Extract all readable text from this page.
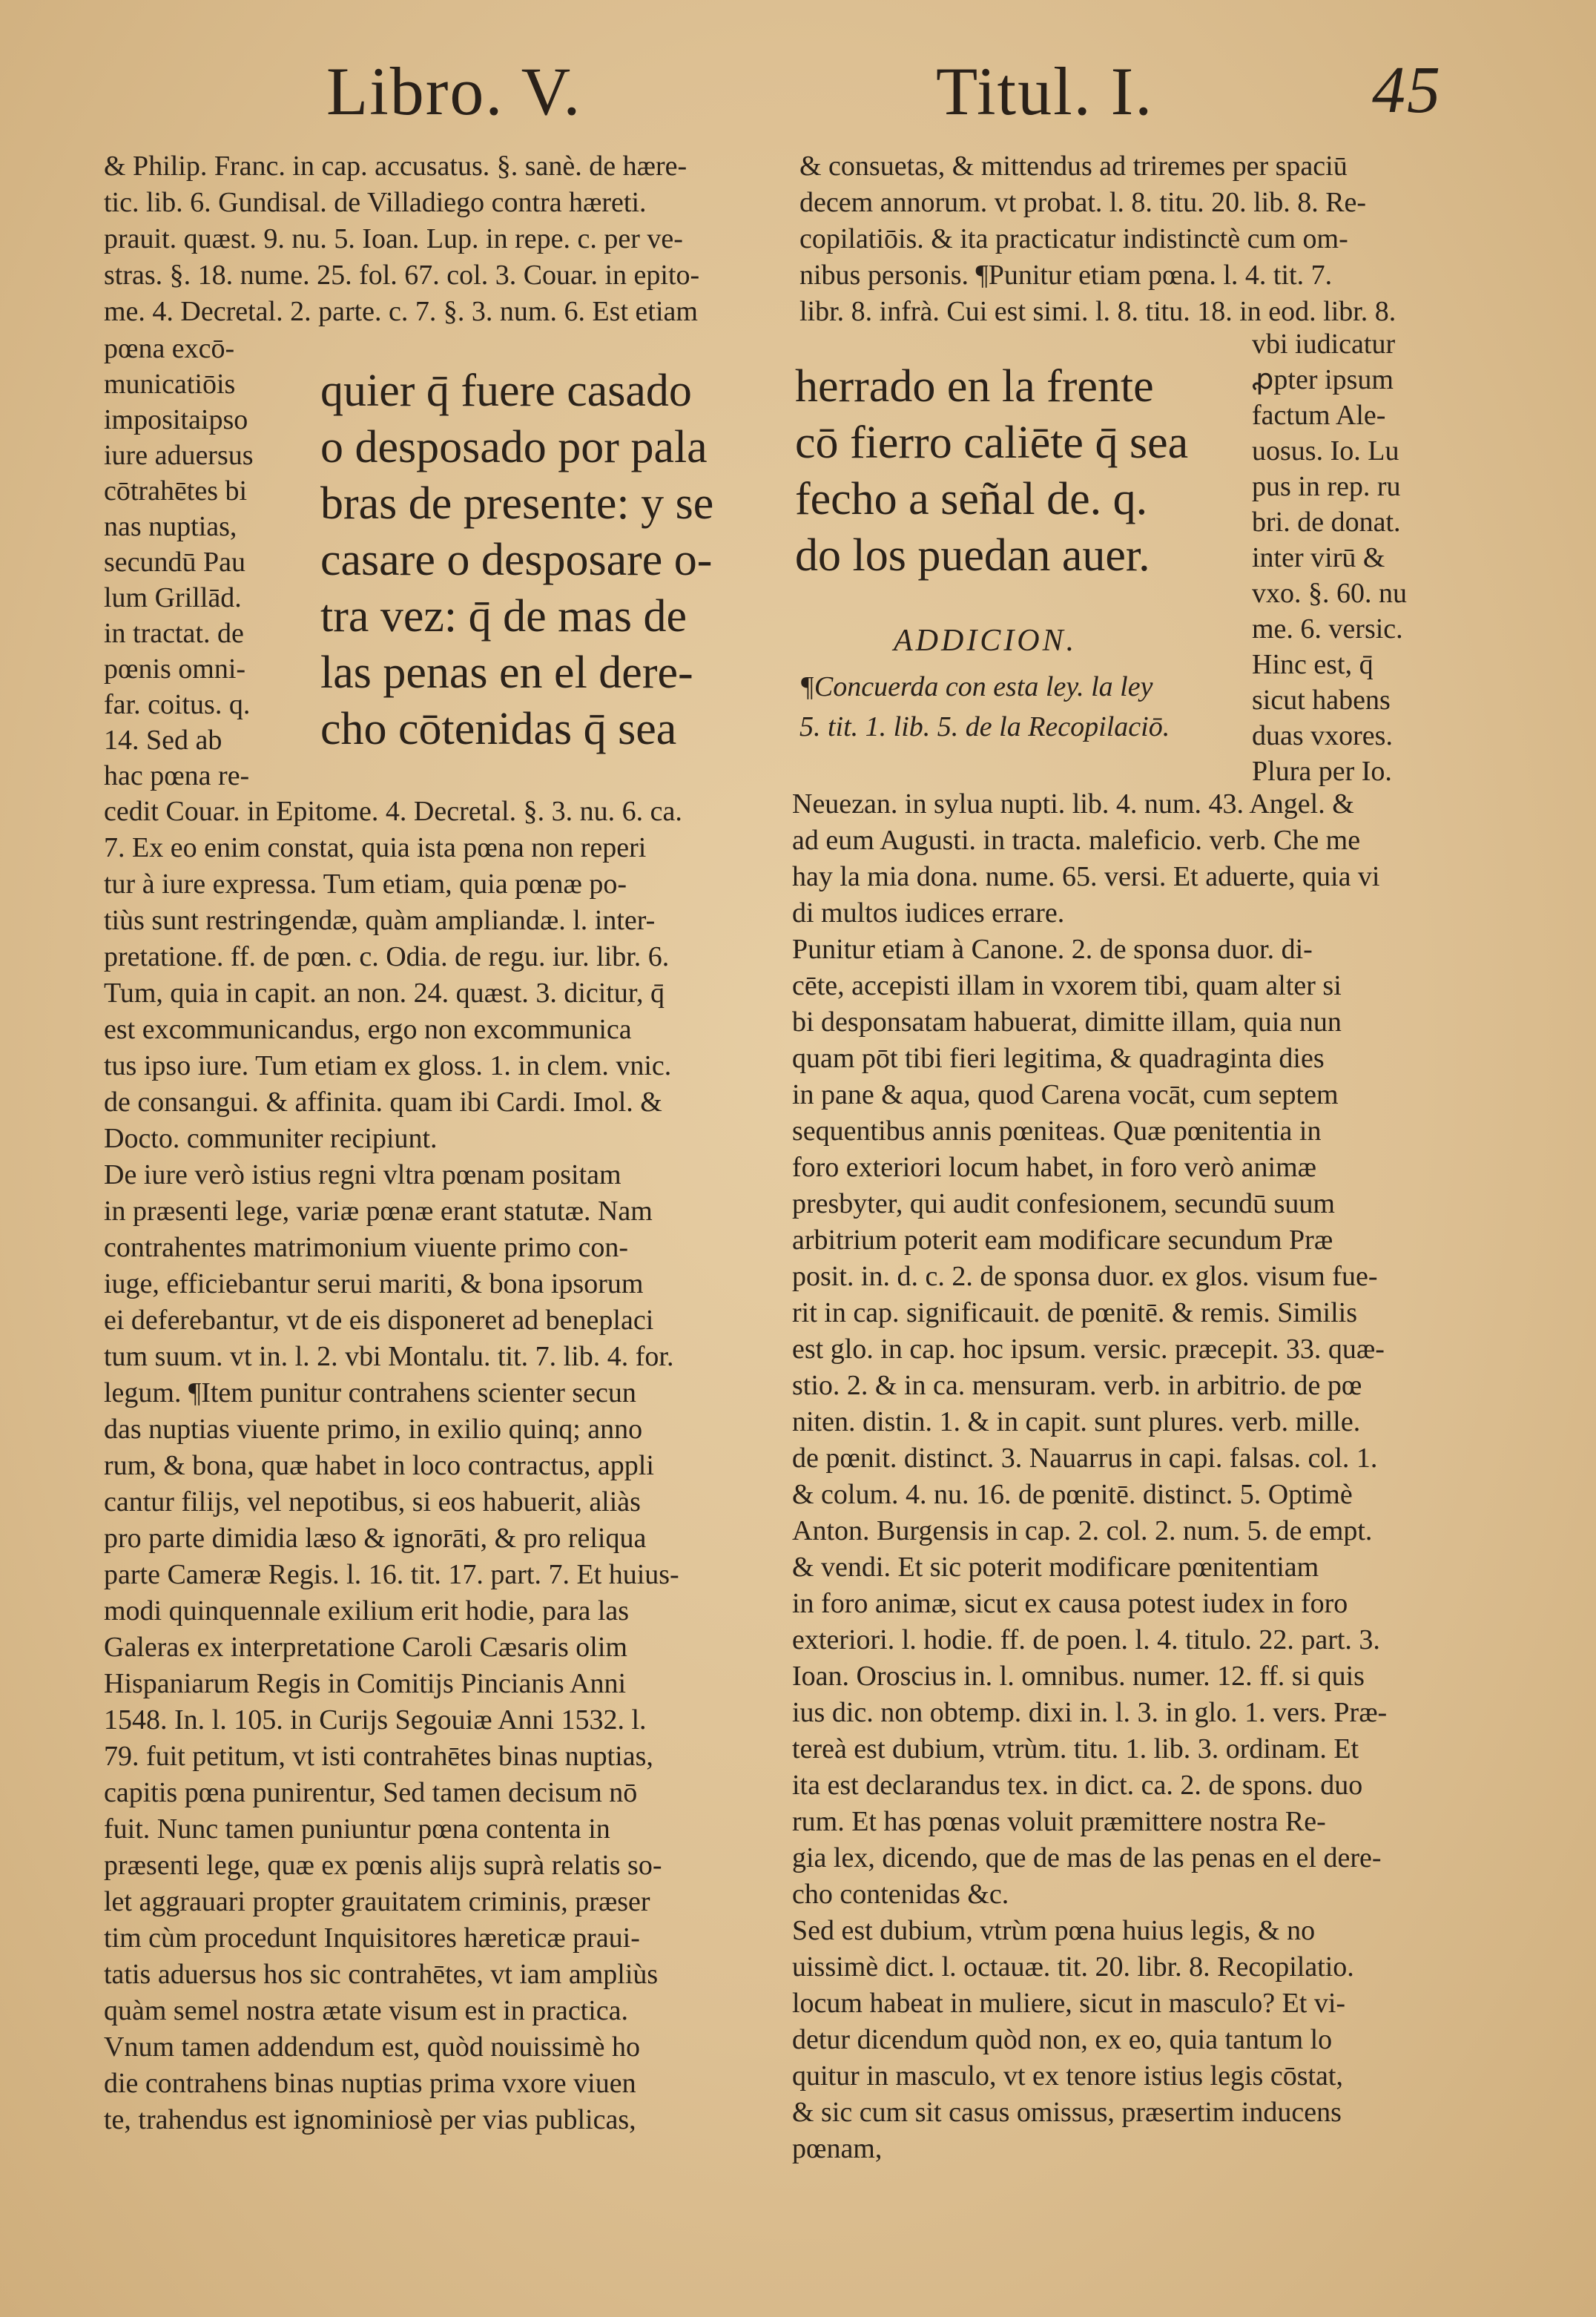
Libro. V.	Titul. I.	45
& Philip. Franc. in cap. accusatus. §. sanè. de hære-
tic. lib. 6. Gundisal. de Villadiego contra hæreti.
prauit. quæst. 9. nu. 5. Ioan. Lup. in repe. c. per ve-
stras. §. 18. nume. 25. fol. 67. col. 3. Couar. in epito-
me. 4. Decretal. 2. parte. c. 7. §. 3. num. 6. Est etiam
pœna excō-
municatiōis
impositaipso
iure aduersus
cōtrahētes bi
nas nuptias,
secundū Pau
lum Grillād.
in tractat. de
pœnis omni-
far. coitus. q.
14. Sed ab
hac pœna re-
quier q̄ fuere casado
o desposado por pala
bras de presente: y se
casare o desposare o-
tra vez: q̄ de mas de
las penas en el dere-
cho cōtenidas q̄ sea
cedit Couar. in Epitome. 4. Decretal. §. 3. nu. 6. ca.
7. Ex eo enim constat, quia ista pœna non reperi
tur à iure expressa. Tum etiam, quia pœnæ po-
tiùs sunt restringendæ, quàm ampliandæ. l. inter-
pretatione. ff. de pœn. c. Odia. de regu. iur. libr. 6.
Tum, quia in capit. an non. 24. quæst. 3. dicitur, q̄
est excommunicandus, ergo non excommunica
tus ipso iure. Tum etiam ex gloss. 1. in clem. vnic.
de consangui. & affinita. quam ibi Cardi. Imol. &
Docto. communiter recipiunt.
De iure verò istius regni vltra pœnam positam
in præsenti lege, variæ pœnæ erant statutæ. Nam
contrahentes matrimonium viuente primo con-
iuge, efficiebantur serui mariti, & bona ipsorum
ei deferebantur, vt de eis disponeret ad beneplaci
tum suum. vt in. l. 2. vbi Montalu. tit. 7. lib. 4. for.
legum. ¶Item punitur contrahens scienter secun
das nuptias viuente primo, in exilio quinq; anno
rum, & bona, quæ habet in loco contractus, appli
cantur filijs, vel nepotibus, si eos habuerit, aliàs
pro parte dimidia læso & ignorāti, & pro reliqua
parte Cameræ Regis. l. 16. tit. 17. part. 7. Et huius-
modi quinquennale exilium erit hodie, para las
Galeras ex interpretatione Caroli Cæsaris olim
Hispaniarum Regis in Comitijs Pincianis Anni
1548. In. l. 105. in Curijs Segouiæ Anni 1532. l.
79. fuit petitum, vt isti contrahētes binas nuptias,
capitis pœna punirentur, Sed tamen decisum nō
fuit. Nunc tamen puniuntur pœna contenta in
præsenti lege, quæ ex pœnis alijs suprà relatis so-
let aggrauari propter grauitatem criminis, præser
tim cùm procedunt Inquisitores hæreticæ praui-
tatis aduersus hos sic contrahētes, vt iam ampliùs
quàm semel nostra ætate visum est in practica.
Vnum tamen addendum est, quòd nouissimè ho
die contrahens binas nuptias prima vxore viuen
te, trahendus est ignominiosè per vias publicas,
& consuetas, & mittendus ad triremes per spaciū
decem annorum. vt probat. l. 8. titu. 20. lib. 8. Re-
copilatiōis. & ita practicatur indistinctè cum om-
nibus personis. ¶Punitur etiam pœna. l. 4. tit. 7.
libr. 8. infrà. Cui est simi. l. 8. titu. 18. in eod. libr. 8.
herrado en la frente
cō fierro caliēte q̄ sea
fecho a señal de. q.
do los puedan auer.
ADDICION.
¶Concuerda con esta ley. la ley
5. tit. 1. lib. 5. de la Recopilaciō.
vbi iudicatur
ꝓpter ipsum
factum Ale-
uosus. Io. Lu
pus in rep. ru
bri. de donat.
inter virū &
vxo. §. 60. nu
me. 6. versic.
Hinc est, q̄
sicut habens
duas vxores.
Plura per Io.
Neuezan. in sylua nupti. lib. 4. num. 43. Angel. &
ad eum Augusti. in tracta. maleficio. verb. Che me
hay la mia dona. nume. 65. versi. Et aduerte, quia vi
di multos iudices errare.
Punitur etiam à Canone. 2. de sponsa duor. di-
cēte, accepisti illam in vxorem tibi, quam alter si
bi desponsatam habuerat, dimitte illam, quia nun
quam pōt tibi fieri legitima, & quadraginta dies
in pane & aqua, quod Carena vocāt, cum septem
sequentibus annis pœniteas. Quæ pœnitentia in
foro exteriori locum habet, in foro verò animæ
presbyter, qui audit confesionem, secundū suum
arbitrium poterit eam modificare secundum Præ
posit. in. d. c. 2. de sponsa duor. ex glos. visum fue-
rit in cap. significauit. de pœnitē. & remis. Similis
est glo. in cap. hoc ipsum. versic. præcepit. 33. quæ-
stio. 2. & in ca. mensuram. verb. in arbitrio. de pœ
niten. distin. 1. & in capit. sunt plures. verb. mille.
de pœnit. distinct. 3. Nauarrus in capi. falsas. col. 1.
& colum. 4. nu. 16. de pœnitē. distinct. 5. Optimè
Anton. Burgensis in cap. 2. col. 2. num. 5. de empt.
& vendi. Et sic poterit modificare pœnitentiam
in foro animæ, sicut ex causa potest iudex in foro
exteriori. l. hodie. ff. de poen. l. 4. titulo. 22. part. 3.
Ioan. Oroscius in. l. omnibus. numer. 12. ff. si quis
ius dic. non obtemp. dixi in. l. 3. in glo. 1. vers. Præ-
tereà est dubium, vtrùm. titu. 1. lib. 3. ordinam. Et
ita est declarandus tex. in dict. ca. 2. de spons. duo
rum. Et has pœnas voluit præmittere nostra Re-
gia lex, dicendo, que de mas de las penas en el dere-
cho contenidas &c.
Sed est dubium, vtrùm pœna huius legis, & no
uissimè dict. l. octauæ. tit. 20. libr. 8. Recopilatio.
locum habeat in muliere, sicut in masculo? Et vi-
detur dicendum quòd non, ex eo, quia tantum lo
quitur in masculo, vt ex tenore istius legis cōstat,
& sic cum sit casus omissus, præsertim inducens
pœnam,
